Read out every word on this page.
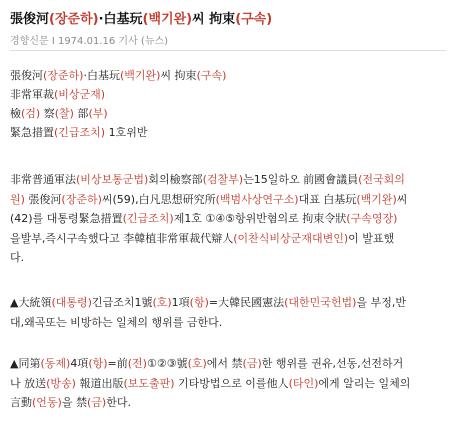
張俊河(장준하)·白基玩(백기완)씨 拘束(구속)
경향신문 I 1974.01.16 기사 (뉴스)
張俊河(장준하)·白基玩(백기완)씨 拘束(구속)
非常軍裁(비상군재)
檢(검) 察(찰) 部(부)
緊急措置(긴급조치) 1호위반
非常普通軍法(비상보통군법)회의檢察部(검찰부)는15일하오 前國會議員(전국회의
원) 張俊河(장준하)씨(59),白凡思想研究所(백범사상연구소)대표 白基玩(백기완)씨
(42)를 대통령緊急措置(긴급조치)제1호 ①④⑤항위반혐의로 拘束令狀(구속영장)
을발부,즉시구속했다고 李韓植非常軍裁代辯人(이찬식비상군재대변인)이 발표했
다.
▲大統領(대통령)긴급조치1號(호)1項(항)=大韓民國憲法(대한민국헌법)을 부정,반
대,왜곡또는 비방하는 일체의 행위를 금한다.
▲同第(동제)4項(항)=前(전)①②③號(호)에서 禁(금)한 행위를 권유,선동,선전하거
나 放送(방송) 報道出版(보도출판) 기타방법으로 이를他人(타인)에게 알리는 일체의
言動(언동)을 禁(금)한다.
